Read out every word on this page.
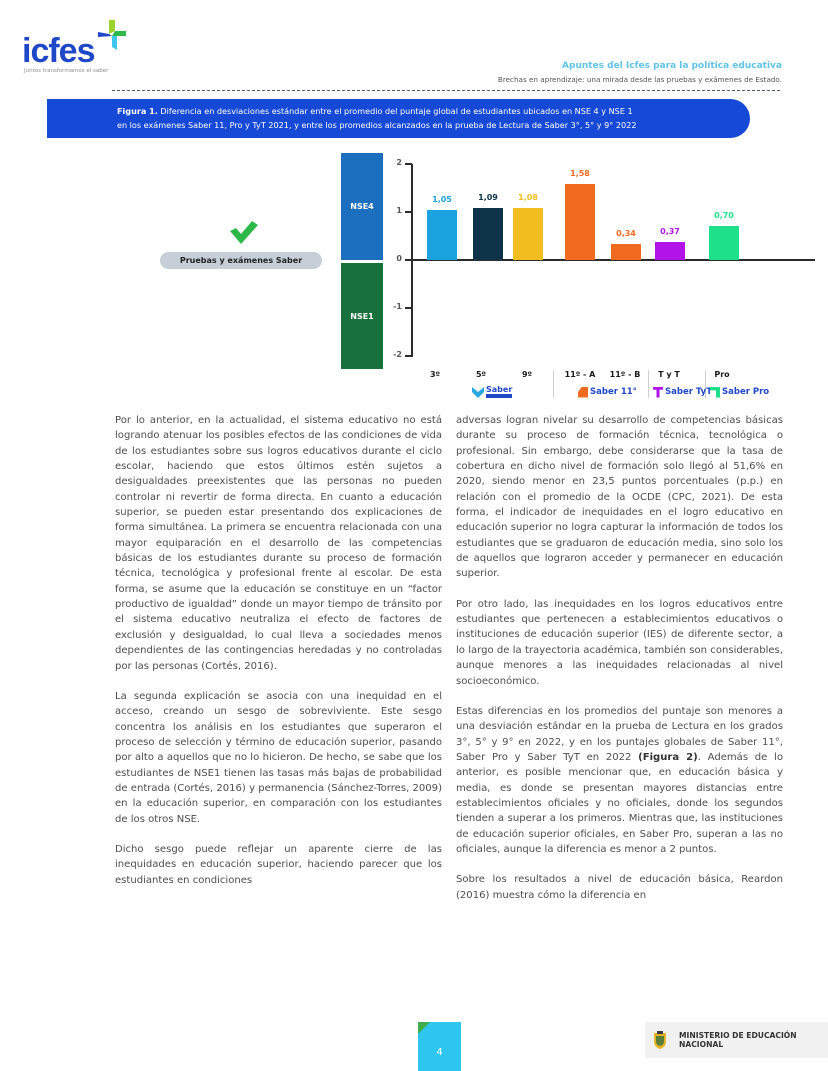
icfes
Juntos transformamos el saber	Apuntes del Icfes para la política educativa
Brechas en aprendizaje: una mirada desde las pruebas y exámenes de Estado.
Figura 1. Diferencia en desviaciones estándar entre el promedio del puntaje global de estudiantes ubicados en NSE 4 y NSE 1
en los exámenes Saber 11, Pro y TyT 2021, y entre los promedios alcanzados en la prueba de Lectura de Saber 3°, 5° y 9° 2022
Pruebas y exámenes Saber
NSE4
NSE1
2
1
0
-1
-2
1,05	1,09	1,08
1,58
0,34	0,37
0,70
3º	5º	9º	11º - A	11º - B	T y T	Pro
Saber	Saber 11°	Saber TyT Saber Pro

Por lo anterior, en la actualidad, el sistema educativo no está logrando atenuar los posibles efectos de las condiciones de vida de los estudiantes sobre sus logros educativos durante el ciclo escolar, haciendo que estos últimos estén sujetos a desigualdades preexistentes que las personas no pueden controlar ni revertir de forma directa. En cuanto a educación superior, se pueden estar presentando dos explicaciones de forma simultánea. La primera se encuentra relacionada con una mayor equiparación en el desarrollo de las competencias básicas de los estudiantes durante su proceso de formación técnica, tecnológica y profesional frente al escolar. De esta forma, se asume que la educación se constituye en un “factor productivo de igualdad” donde un mayor tiempo de tránsito por el sistema educativo neutraliza el efecto de factores de exclusión y desigualdad, lo cual lleva a sociedades menos dependientes de las contingencias heredadas y no controladas por las personas (Cortés, 2016).

La segunda explicación se asocia con una inequidad en el acceso, creando un sesgo de sobreviviente. Este sesgo concentra los análisis en los estudiantes que superaron el proceso de selección y término de educación superior, pasando por alto a aquellos que no lo hicieron. De hecho, se sabe que los estudiantes de NSE1 tienen las tasas más bajas de probabilidad de entrada (Cortés, 2016) y permanencia (Sánchez-Torres, 2009) en la educación superior, en comparación con los estudiantes de los otros NSE.

Dicho sesgo puede reflejar un aparente cierre de las inequidades en educación superior, haciendo parecer que los estudiantes en condiciones

adversas logran nivelar su desarrollo de competencias básicas durante su proceso de formación técnica, tecnológica o profesional. Sin embargo, debe considerarse que la tasa de cobertura en dicho nivel de formación solo llegó al 51,6% en 2020, siendo menor en 23,5 puntos porcentuales (p.p.) en relación con el promedio de la OCDE (CPC, 2021). De esta forma, el indicador de inequidades en el logro educativo en educación superior no logra capturar la información de todos los estudiantes que se graduaron de educación media, sino solo los de aquellos que lograron acceder y permanecer en educación superior.

Por otro lado, las inequidades en los logros educativos entre estudiantes que pertenecen a establecimientos educativos o instituciones de educación superior (IES) de diferente sector, a lo largo de la trayectoria académica, también son considerables, aunque menores a las inequidades relacionadas al nivel socioeconómico.

Estas diferencias en los promedios del puntaje son menores a una desviación estándar en la prueba de Lectura en los grados 3°, 5° y 9° en 2022, y en los puntajes globales de Saber 11°, Saber Pro y Saber TyT en 2022 (Figura 2). Además de lo anterior, es posible mencionar que, en educación básica y media, es donde se presentan mayores distancias entre establecimientos oficiales y no oficiales, donde los segundos tienden a superar a los primeros. Mientras que, las instituciones de educación superior oficiales, en Saber Pro, superan a las no oficiales, aunque la diferencia es menor a 2 puntos.

Sobre los resultados a nivel de educación básica, Reardon (2016) muestra cómo la diferencia en

4
MINISTERIO DE EDUCACIÓN
NACIONAL
